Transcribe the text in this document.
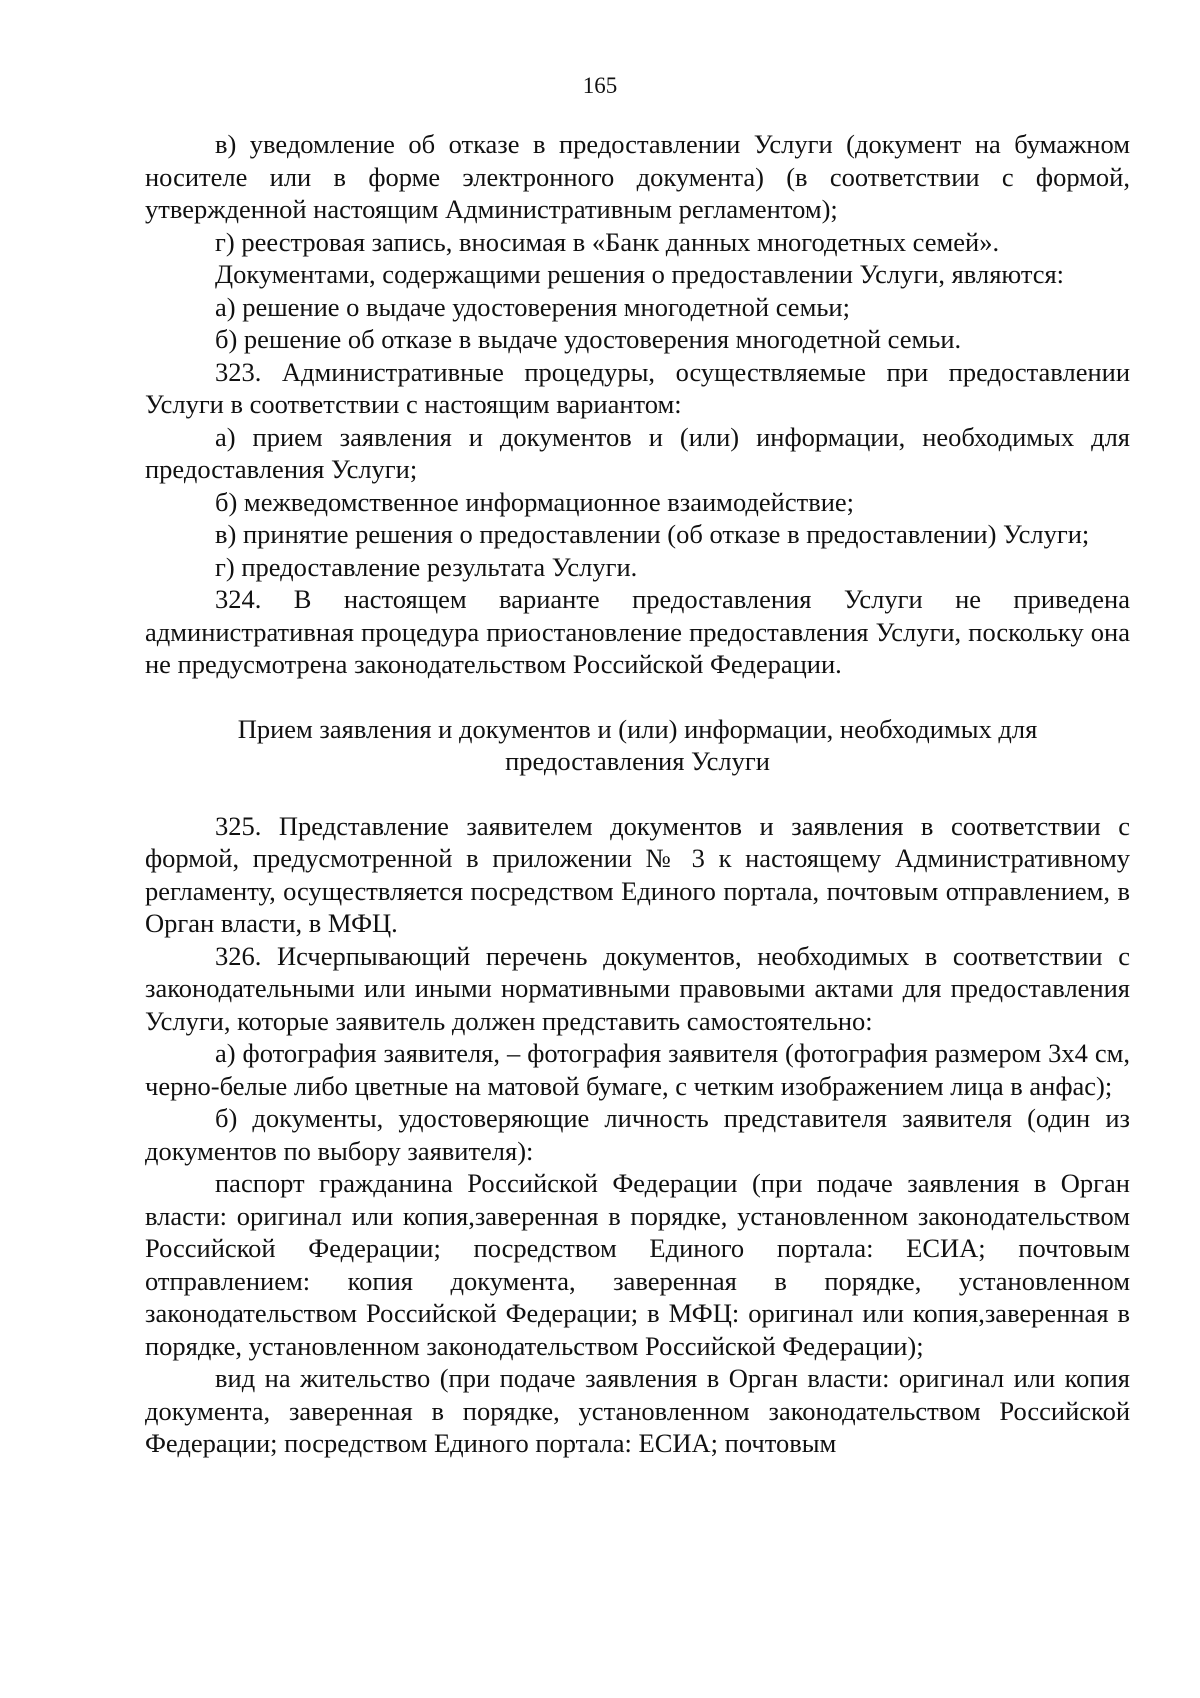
165

в) уведомление об отказе в предоставлении Услуги (документ на бумажном носителе или в форме электронного документа) (в соответствии с формой, утвержденной настоящим Административным регламентом);

г) реестровая запись, вносимая в «Банк данных многодетных семей».

Документами, содержащими решения о предоставлении Услуги, являются:

а) решение о выдаче удостоверения многодетной семьи;

б) решение об отказе в выдаче удостоверения многодетной семьи.

323. Административные процедуры, осуществляемые при предоставлении Услуги в соответствии с настоящим вариантом:

а) прием заявления и документов и (или) информации, необходимых для предоставления Услуги;

б) межведомственное информационное взаимодействие;

в) принятие решения о предоставлении (об отказе в предоставлении) Услуги;

г) предоставление результата Услуги.

324. В настоящем варианте предоставления Услуги не приведена административная процедура приостановление предоставления Услуги, поскольку она не предусмотрена законодательством Российской Федерации.

Прием заявления и документов и (или) информации, необходимых для
предоставления Услуги

325. Представление заявителем документов и заявления в соответствии с формой, предусмотренной в приложении № 3 к настоящему Административному регламенту, осуществляется посредством Единого портала, почтовым отправлением, в Орган власти, в МФЦ.

326. Исчерпывающий перечень документов, необходимых в соответствии с законодательными или иными нормативными правовыми актами для предоставления Услуги, которые заявитель должен представить самостоятельно:

а) фотография заявителя, – фотография заявителя (фотография размером 3x4 см, черно-белые либо цветные на матовой бумаге, с четким изображением лица в анфас);

б) документы, удостоверяющие личность представителя заявителя (один из документов по выбору заявителя):

паспорт гражданина Российской Федерации (при подаче заявления в Орган власти: оригинал или копия,заверенная в порядке, установленном законодательством Российской Федерации; посредством Единого портала: ЕСИА; почтовым отправлением: копия документа, заверенная в порядке, установленном законодательством Российской Федерации; в МФЦ: оригинал или копия,заверенная в порядке, установленном законодательством Российской Федерации);

вид на жительство (при подаче заявления в Орган власти: оригинал или копия документа, заверенная в порядке, установленном законодательством Российской Федерации; посредством Единого портала: ЕСИА; почтовым
